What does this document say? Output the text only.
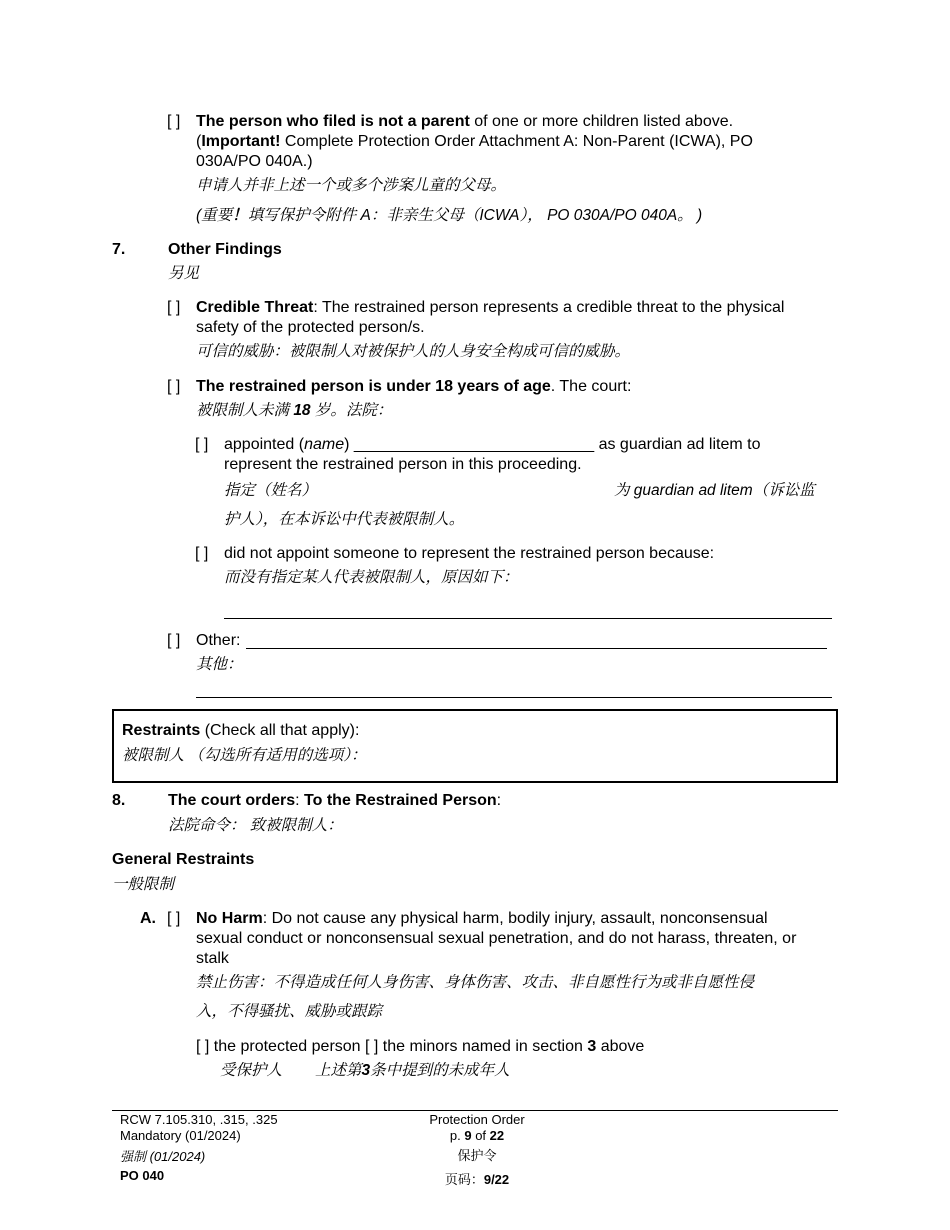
[ ] The person who filed is not a parent of one or more children listed above.
(Important! Complete Protection Order Attachment A: Non-Parent (ICWA), PO
030A/PO 040A.)
申请人并非上述一个或多个涉案儿童的父母。
(重要！填写保护令附件 A：非亲生父母（ICWA）， PO 030A/PO 040A。 )
7.	Other Findings
另见
[ ] Credible Threat: The restrained person represents a credible threat to the physical
safety of the protected person/s.
可信的威胁：被限制人对被保护人的人身安全构成可信的威胁。
[ ] The restrained person is under 18 years of age. The court:
被限制人未满 18 岁。法院：
[ ] appointed (name) ___________________________ as guardian ad litem to
represent the restrained person in this proceeding.
指定（姓名）	为 guardian ad litem（诉讼监
护人），在本诉讼中代表被限制人。
[ ] did not appoint someone to represent the restrained person because:
而没有指定某人代表被限制人，原因如下：
[ ] Other:
其他：
Restraints (Check all that apply):
被限制人 （勾选所有适用的选项）：
8.	The court orders: To the Restrained Person:
法院命令： 致被限制人：
General Restraints
一般限制
A. [ ] No Harm: Do not cause any physical harm, bodily injury, assault, nonconsensual
sexual conduct or nonconsensual sexual penetration, and do not harass, threaten, or
stalk
禁止伤害：不得造成任何人身伤害、身体伤害、攻击、非自愿性行为或非自愿性侵
入，不得骚扰、威胁或跟踪
[ ] the protected person [ ] the minors named in section 3 above
受保护人 上述第3条中提到的未成年人
RCW 7.105.310, .315, .325
Mandatory (01/2024)
强制 (01/2024)
PO 040
Protection Order
p. 9 of 22
保护令
页码：9/22
